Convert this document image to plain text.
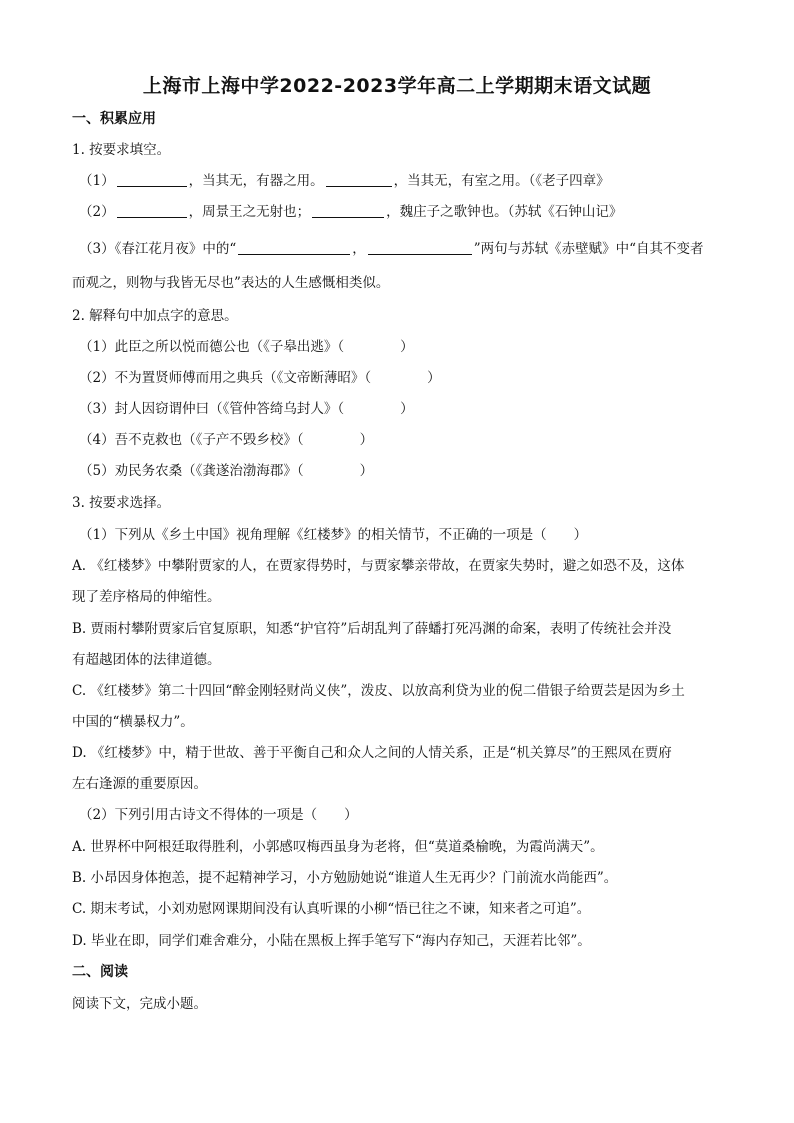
上海市上海中学2022-2023学年高二上学期期末语文试题
一、积累应用
1. 按要求填空。
（1）	，当其无，有器之用。	，当其无，有室之用。（《老子四章》
（2）	，周景王之无射也；	，魏庄子之歌钟也。（苏轼《石钟山记》
（3）《春江花月夜》中的“	，	”两句与苏轼《赤壁赋》中“自其不变者
而观之，则物与我皆无尽也”表达的人生感慨相类似。
2. 解释句中加点字的意思。
（1）此臣之所以悦而德公也（《子皋出逃》（	）
（2）不为置贤师傅而用之典兵（《文帝断薄昭》（	）
（3）封人因窃谓仲曰（《管仲答绮乌封人》（	）
（4）吾不克救也（《子产不毁乡校》（	）
（5）劝民务农桑（《龚遂治渤海郡》（	）
3. 按要求选择。
（1）下列从《乡土中国》视角理解《红楼梦》的相关情节，不正确的一项是（　　）
A. 《红楼梦》中攀附贾家的人，在贾家得势时，与贾家攀亲带故，在贾家失势时，避之如恐不及，这体
现了差序格局的伸缩性。
B. 贾雨村攀附贾家后官复原职，知悉“护官符”后胡乱判了薛蟠打死冯渊的命案，表明了传统社会并没
有超越团体的法律道德。
C. 《红楼梦》第二十四回“醉金刚轻财尚义侠”，泼皮、以放高利贷为业的倪二借银子给贾芸是因为乡土
中国的“横暴权力”。
D. 《红楼梦》中，精于世故、善于平衡自己和众人之间的人情关系，正是“机关算尽”的王熙凤在贾府
左右逢源的重要原因。
（2）下列引用古诗文不得体的一项是（　　）
A. 世界杯中阿根廷取得胜利，小郭感叹梅西虽身为老将，但“莫道桑榆晚，为霞尚满天”。
B. 小昂因身体抱恙，提不起精神学习，小方勉励她说“谁道人生无再少？门前流水尚能西”。
C. 期末考试，小刘劝慰网课期间没有认真听课的小柳“悟已往之不谏，知来者之可追”。
D. 毕业在即，同学们难舍难分，小陆在黑板上挥手笔写下“海内存知己，天涯若比邻”。
二、阅读
阅读下文，完成小题。
